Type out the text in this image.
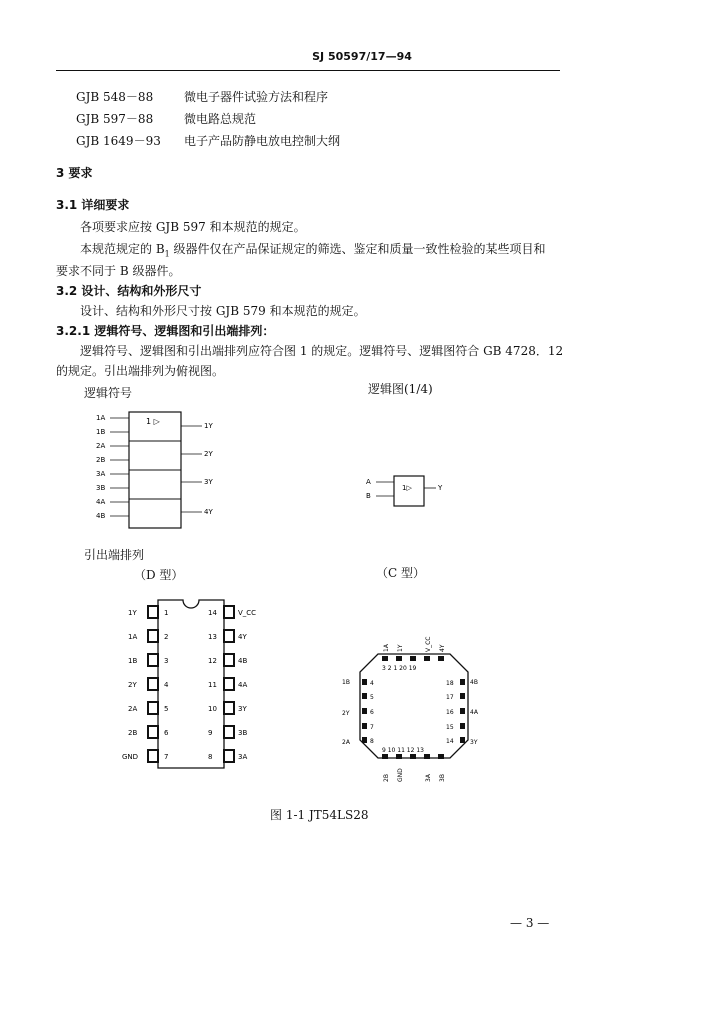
SJ 50597/17—94
GJB 548－88	微电子器件试验方法和程序
GJB 597－88	微电路总规范
GJB 1649－93 电子产品防静电放电控制大纲
3 要求
3.1 详细要求
各项要求应按 GJB 597 和本规范的规定。
本规范规定的 $B_1$ 级器件仅在产品保证规定的筛选、鉴定和质量一致性检验的某些项目和
要求不同于 B 级器件。
3.2 设计、结构和外形尺寸
设计、结构和外形尺寸按 GJB 579 和本规范的规定。
3.2.1 逻辑符号、逻辑图和引出端排列：
逻辑符号、逻辑图和引出端排列应符合图 1 的规定。逻辑符号、逻辑图符合 GB 4728．12
的规定。引出端排列为俯视图。
逻辑符号	逻辑图(1/4)
1 ▷
1A
1B
2A
2B
3A
3B
4A
4B
1Y
2Y
3Y
4Y
1▷
A
B
Y
引出端排列
（D 型）	（C 型）
1Y	1
1A	2
1B	3
2Y	4
2A	5
2B	6
GND	7
14	V_CC
13	4Y
12	4B
11	4A
10	3Y
9	3B
8	3A
1A 1Y	V_CC 4Y
3 2 1 20 19
1B	4
5
2Y	6
7
2A	8
18	4B
17
16	4A
15
14	3Y
9 10 11 12 13
2B GND	3A 3B
图 1-1 JT54LS28
— 3 —
